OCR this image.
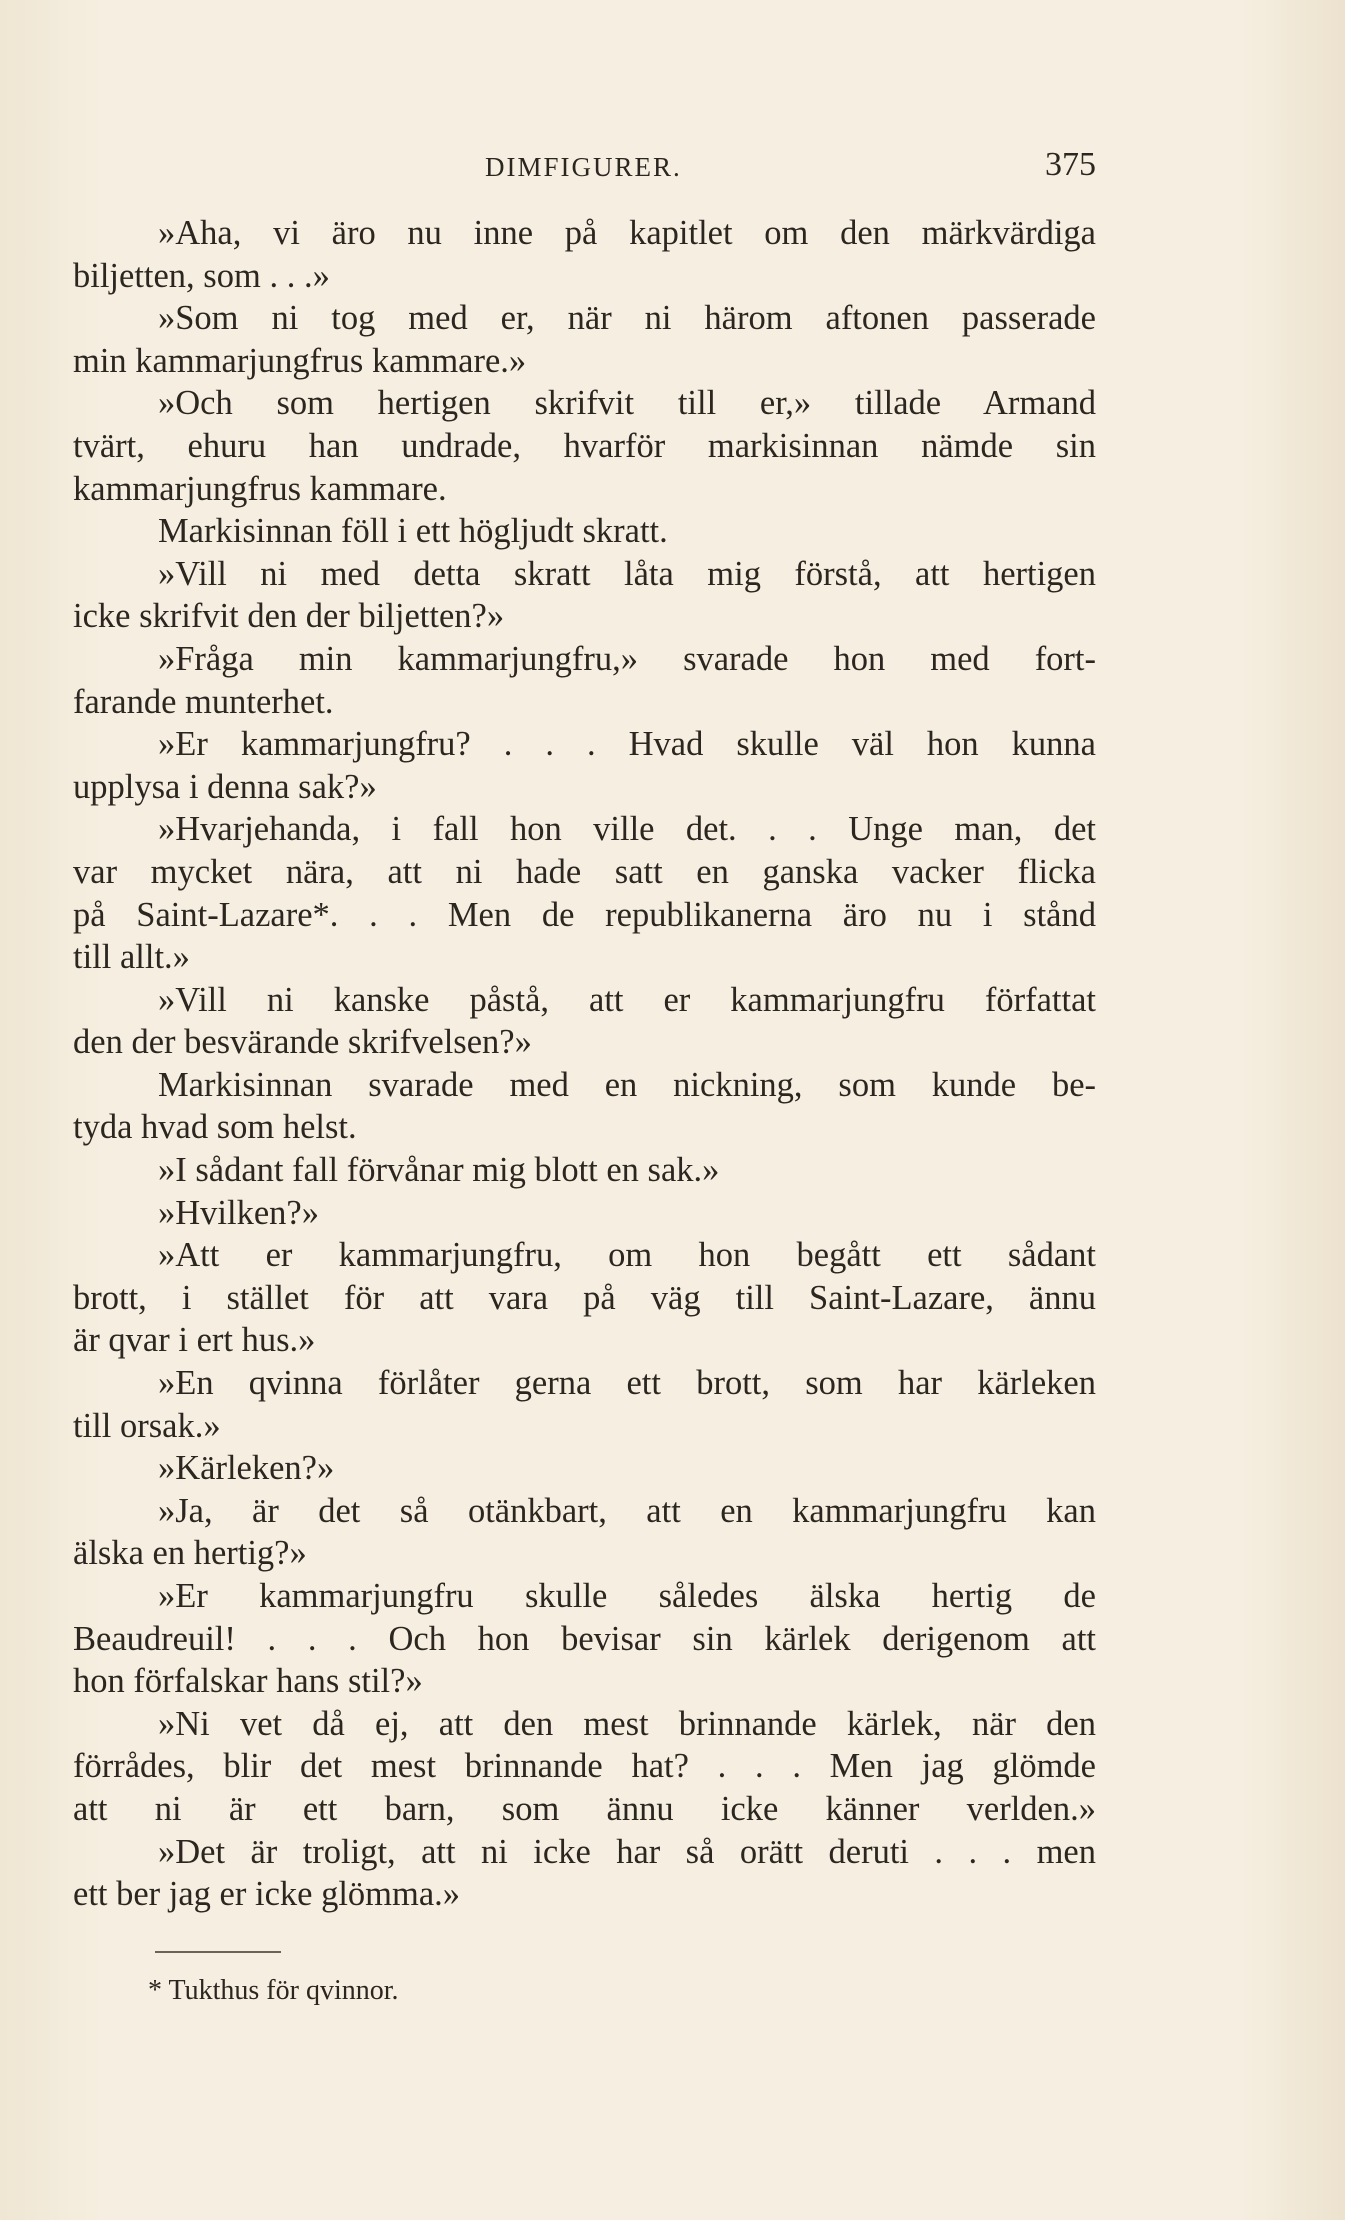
DIMFIGURER.	375
»Aha, vi äro nu inne på kapitlet om den märkvärdiga
biljetten, som . . .»
»Som ni tog med er, när ni härom aftonen passerade
min kammarjungfrus kammare.»
»Och som hertigen skrifvit till er,» tillade Armand
tvärt, ehuru han undrade, hvarför markisinnan nämde sin
kammarjungfrus kammare.
Markisinnan föll i ett högljudt skratt.
»Vill ni med detta skratt låta mig förstå, att hertigen
icke skrifvit den der biljetten?»
»Fråga min kammarjungfru,» svarade hon med fort-
farande munterhet.
»Er kammarjungfru? . . . Hvad skulle väl hon kunna
upplysa i denna sak?»
»Hvarjehanda, i fall hon ville det. . . Unge man, det
var mycket nära, att ni hade satt en ganska vacker flicka
på Saint-Lazare*. . . Men de republikanerna äro nu i stånd
till allt.»
»Vill ni kanske påstå, att er kammarjungfru författat
den der besvärande skrifvelsen?»
Markisinnan svarade med en nickning, som kunde be-
tyda hvad som helst.
»I sådant fall förvånar mig blott en sak.»
»Hvilken?»
»Att er kammarjungfru, om hon begått ett sådant
brott, i stället för att vara på väg till Saint-Lazare, ännu
är qvar i ert hus.»
»En qvinna förlåter gerna ett brott, som har kärleken
till orsak.»
»Kärleken?»
»Ja, är det så otänkbart, att en kammarjungfru kan
älska en hertig?»
»Er kammarjungfru skulle således älska hertig de
Beaudreuil! . . . Och hon bevisar sin kärlek derigenom att
hon förfalskar hans stil?»
»Ni vet då ej, att den mest brinnande kärlek, när den
förrådes, blir det mest brinnande hat? . . . Men jag glömde
att ni är ett barn, som ännu icke känner verlden.»
»Det är troligt, att ni icke har så orätt deruti . . . men
ett ber jag er icke glömma.»
* Tukthus för qvinnor.
